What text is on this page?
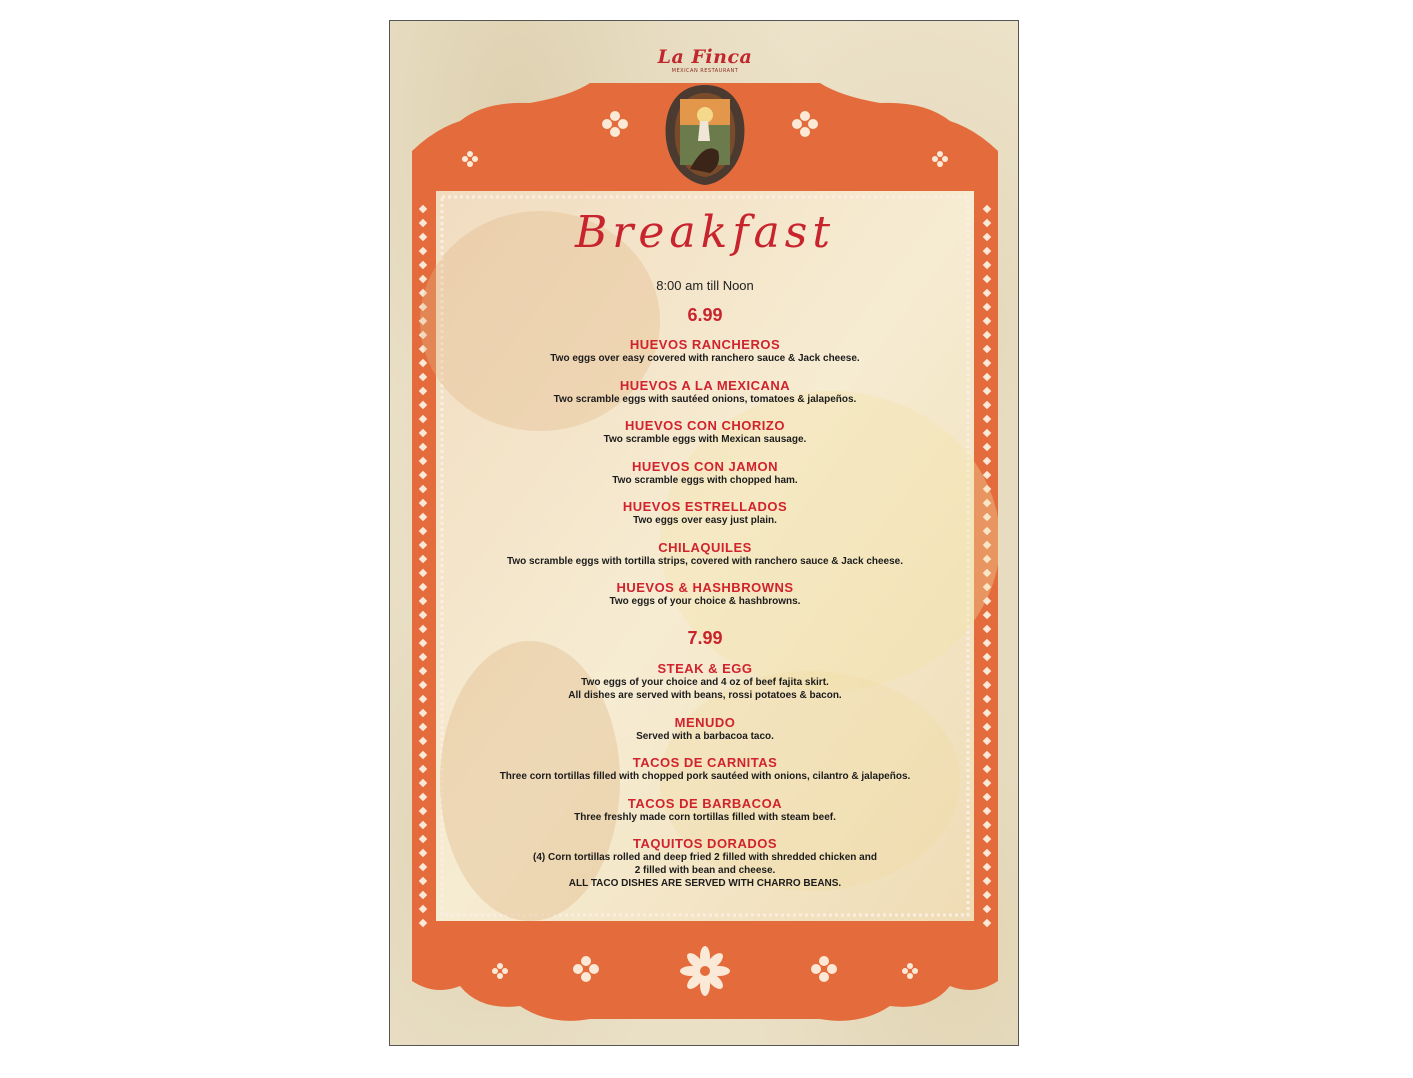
La Finca
MEXICAN RESTAURANT
Breakfast
8:00 am till Noon
6.99
HUEVOS RANCHEROS
Two eggs over easy covered with ranchero sauce & Jack cheese.
HUEVOS A LA MEXICANA
Two scramble eggs with sautéed onions, tomatoes & jalapeños.
HUEVOS CON CHORIZO
Two scramble eggs with Mexican sausage.
HUEVOS CON JAMON
Two scramble eggs with chopped ham.
HUEVOS ESTRELLADOS
Two eggs over easy just plain.
CHILAQUILES
Two scramble eggs with tortilla strips, covered with ranchero sauce & Jack cheese.
HUEVOS & HASHBROWNS
Two eggs of your choice & hashbrowns.
7.99
STEAK & EGG
Two eggs of your choice and 4 oz of beef fajita skirt.
All dishes are served with beans, rossi potatoes & bacon.
MENUDO
Served with a barbacoa taco.
TACOS DE CARNITAS
Three corn tortillas filled with chopped pork sautéed with onions, cilantro & jalapeños.
TACOS DE BARBACOA
Three freshly made corn tortillas filled with steam beef.
TAQUITOS DORADOS
(4) Corn tortillas rolled and deep fried 2 filled with shredded chicken and
2 filled with bean and cheese.
ALL TACO DISHES ARE SERVED WITH CHARRO BEANS.
